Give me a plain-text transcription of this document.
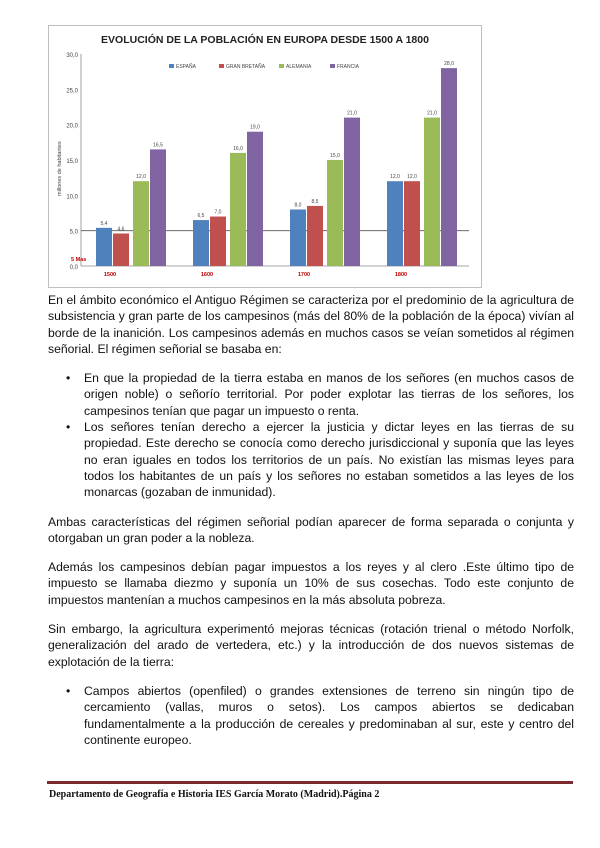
EVOLUCIÓN DE LA POBLACIÓN EN EUROPA DESDE 1500 A 1800
0,0
5,0
10,0
15,0
20,0
25,0
30,0
millones de habitantes
5 Mas
ESPAÑA	GRAN BRETAÑA	ALEMANIA	FRANCIA
5,4
4,6
12,0
16,5
1500
6,5
7,0
16,0
19,0
1600
8,0
8,5
15,0
21,0
1700
12,0 12,0
21,0
28,0
1800

En el ámbito económico el Antiguo Régimen se caracteriza por el predominio de la agricultura de subsistencia y gran parte de los campesinos (más del 80% de la población de la época) vivían al borde de la inanición. Los campesinos además en muchos casos se veían sometidos al régimen señorial. El régimen señorial se basaba en:

• En que la propiedad de la tierra estaba en manos de los señores (en muchos casos de origen noble) o señorío territorial. Por poder explotar las tierras de los señores, los campesinos tenían que pagar un impuesto o renta.
• Los señores tenían derecho a ejercer la justicia y dictar leyes en las tierras de su propiedad. Este derecho se conocía como derecho jurisdiccional y suponía que las leyes no eran iguales en todos los territorios de un país. No existían las mismas leyes para todos los habitantes de un país y los señores no estaban sometidos a las leyes de los monarcas (gozaban de inmunidad).

Ambas características del régimen señorial podían aparecer de forma separada o conjunta y otorgaban un gran poder a la nobleza.

Además los campesinos debían pagar impuestos a los reyes y al clero .Este último tipo de impuesto se llamaba diezmo y suponía un 10% de sus cosechas. Todo este conjunto de impuestos mantenían a muchos campesinos en la más absoluta pobreza.

Sin embargo, la agricultura experimentó mejoras técnicas (rotación trienal o método Norfolk, generalización del arado de vertedera, etc.) y la introducción de dos nuevos sistemas de explotación de la tierra:

• Campos abiertos (openfiled) o grandes extensiones de terreno sin ningún tipo de cercamiento (vallas, muros o setos). Los campos abiertos se dedicaban fundamentalmente a la producción de cereales y predominaban al sur, este y centro del continente europeo.
Departamento de Geografía e Historia IES García Morato (Madrid).Página 2
